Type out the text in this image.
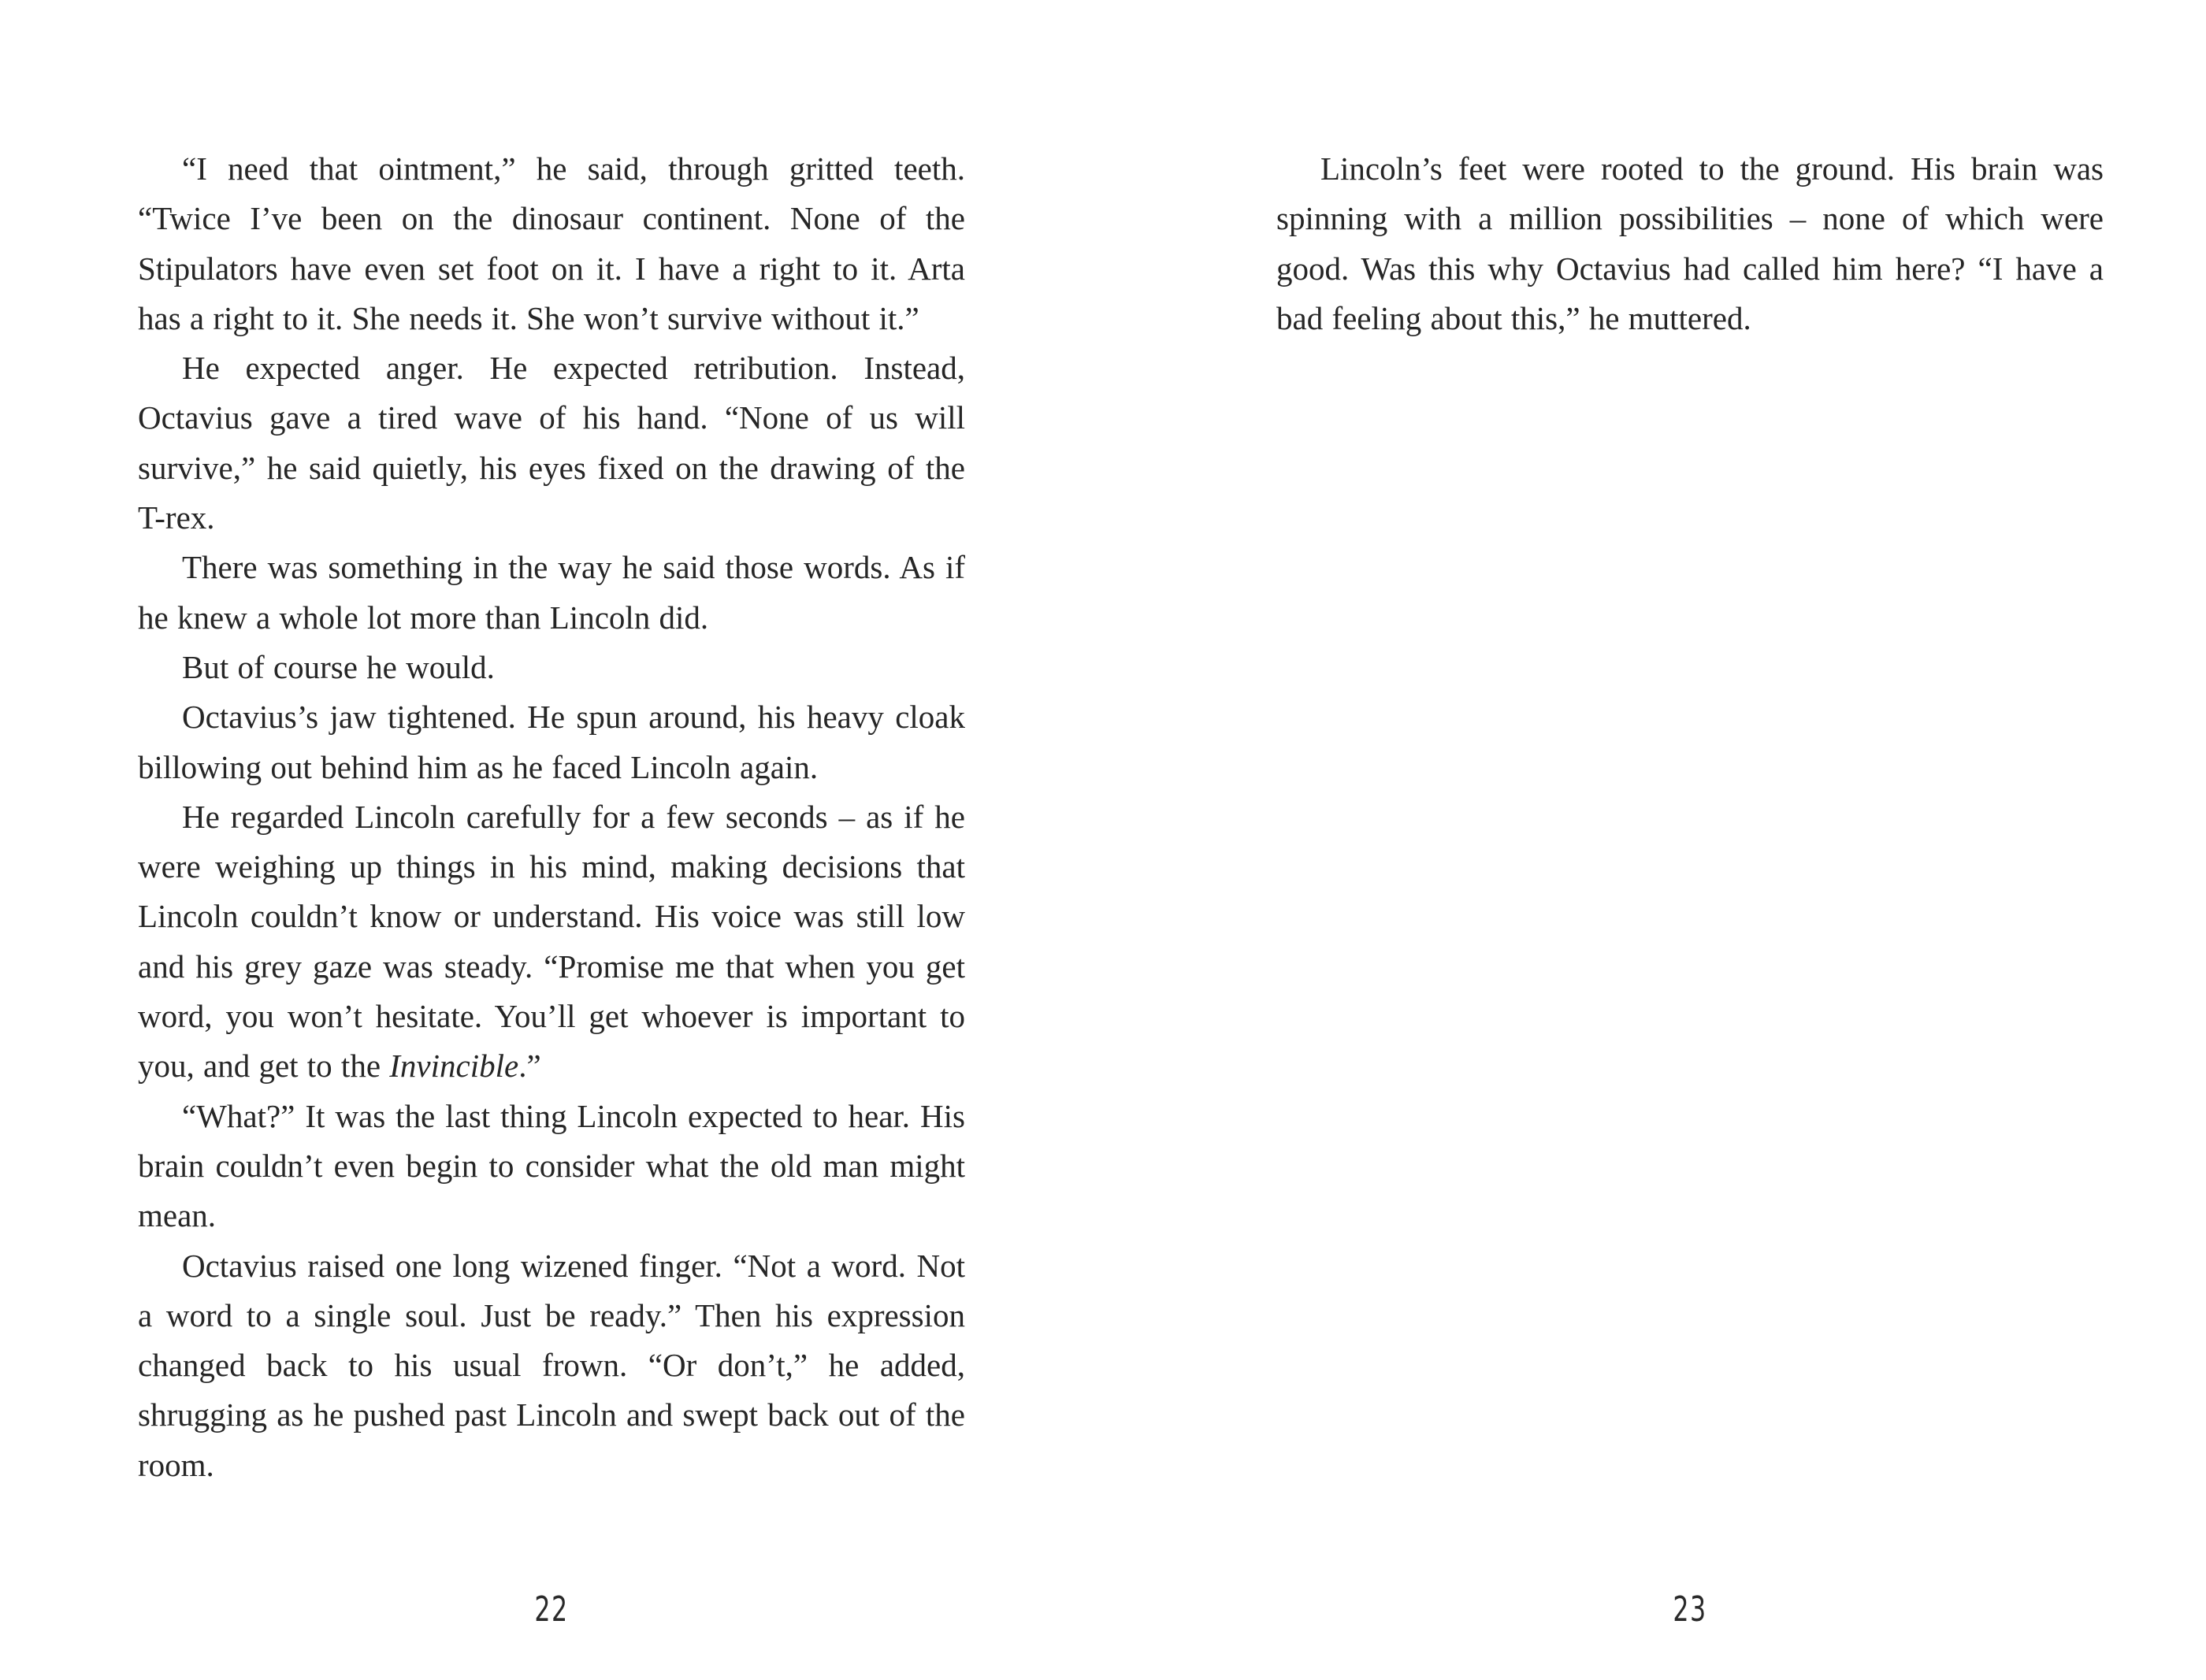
“I need that ointment,” he said, through gritted teeth. “Twice I’ve been on the dinosaur continent. None of the Stipulators have even set foot on it. I have a right to it. Arta has a right to it. She needs it. She won’t survive without it.”

He expected anger. He expected retribution. Instead, Octavius gave a tired wave of his hand. “None of us will survive,” he said quietly, his eyes fixed on the drawing of the T-rex.

There was something in the way he said those words. As if he knew a whole lot more than Lincoln did.

But of course he would.

Octavius’s jaw tightened. He spun around, his heavy cloak billowing out behind him as he faced Lincoln again.

He regarded Lincoln carefully for a few seconds – as if he were weighing up things in his mind, making decisions that Lincoln couldn’t know or understand. His voice was still low and his grey gaze was steady. “Promise me that when you get word, you won’t hesitate. You’ll get whoever is important to you, and get to the Invincible.”

“What?” It was the last thing Lincoln expected to hear. His brain couldn’t even begin to consider what the old man might mean.

Octavius raised one long wizened finger. “Not a word. Not a word to a single soul. Just be ready.” Then his expression changed back to his usual frown. “Or don’t,” he added, shrugging as he pushed past Lincoln and swept back out of the room.

22

Lincoln’s feet were rooted to the ground. His brain was spinning with a million possibilities – none of which were good. Was this why Octavius had called him here? “I have a bad feeling about this,” he muttered.

23
